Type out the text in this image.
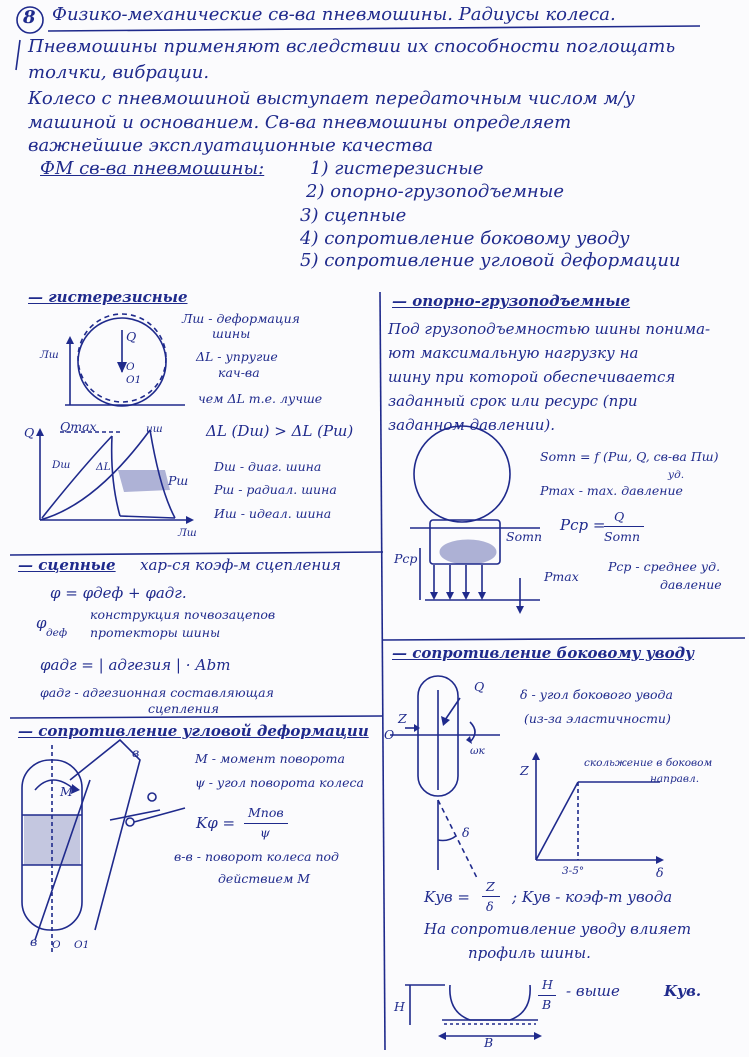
8 Физико-механические св-ва пневмошины. Радиусы колеса.
Пневмошины применяют вследствии их способности поглощать
толчки, вибрации.
Колесо с пневмошиной выступает передаточным числом м/у
машиной и основанием. Св-ва пневмошины определяет
важнейшие эксплуатационные качества
ФМ св-ва пневмошины:	1) гистерезисные
2) опорно-грузоподъемные
3) сцепные
4) сопротивление боковому уводу
5) сопротивление угловой деформации
— гистерезисные
Лш - деформация
шины
ΔL - упругие
кач-ва
чем ΔL т.е. лучше
ΔL (Dш) > ΔL (Pш)
Dш - диаг. шина
Pш - радиал. шина
Иш - идеал. шина
Q
O
O1
Лш
Qmax
Dш ΔL
иш
Pш
Q
Лш
— опорно-грузоподъемные
Под грузоподъемностью шины понима-
ют максимальную нагрузку на
шину при которой обеспечивается
заданный срок или ресурс (при
заданном давлении).
Sотп = f (Pш, Q, св-ва Пш)
Pmax - max. давление
уд.
Pср = Q
Sотп
Pср - среднее уд.
давление
Sотп
Pср
Pmax
— сцепные хар-ся коэф-м сцепления
φ = φдеф + φадг.
φ
деф
конструкция почвозацепов
протекторы шины
φадг = | адгезия | · Аbm
φадг - адгезионная составляющая
сцепления
— сопротивление угловой деформации
М - момент поворота
ψ - угол поворота колеса
Kφ =
Мпов
ψ
в-в - поворот колеса под
действием М
М
в
в O O1
— сопротивление боковому уводу
δ - угол бокового увода
(из-за эластичности)
скольжение в боковом
направл.
Kув =
Z
δ
; Kув - коэф-т увода
На сопротивление уводу влияет
профиль шины.
Н
В
- выше	Kув.
Q
Z
O
ωк
δ
Z
δ
3-5°
Н
В
